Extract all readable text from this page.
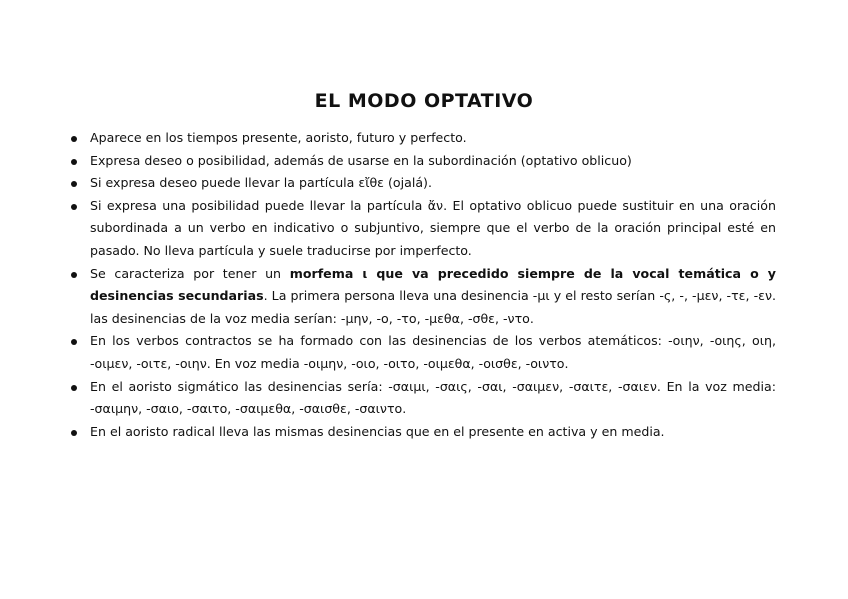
EL MODO OPTATIVO
Aparece en los tiempos presente, aoristo, futuro y perfecto.
Expresa deseo o posibilidad, además de usarse en la subordinación (optativo oblicuo)
Si expresa deseo puede llevar la partícula εἴθε (ojalá).
Si expresa una posibilidad puede llevar la partícula ἄν. El optativo oblicuo puede sustituir en una oración subordinada a un verbo en indicativo o subjuntivo, siempre que el verbo de la oración principal esté en pasado. No lleva partícula y suele traducirse por imperfecto.
Se caracteriza por tener un morfema ι que va precedido siempre de la vocal temática o y desinencias secundarias. La primera persona lleva una desinencia -μι y el resto serían -ς, -, -μεν, -τε, -εν. las desinencias de la voz media serían: -μην, -ο, -το, -μεθα, -σθε, -ντο.
En los verbos contractos se ha formado con las desinencias de los verbos atemáticos: -οιην, -οιης, οιη, -οιμεν, -οιτε, -οιην. En voz media -οιμην, -οιο, -οιτο, -οιμεθα, -οισθε, -οιντο.
En el aoristo sigmático las desinencias sería: -σαιμι, -σαις, -σαι, -σαιμεν, -σαιτε, -σαιεν. En la voz media: -σαιμην, -σαιο, -σαιτο, -σαιμεθα, -σαισθε, -σαιντο.
En el aoristo radical lleva las mismas desinencias que en el presente en activa y en media.
